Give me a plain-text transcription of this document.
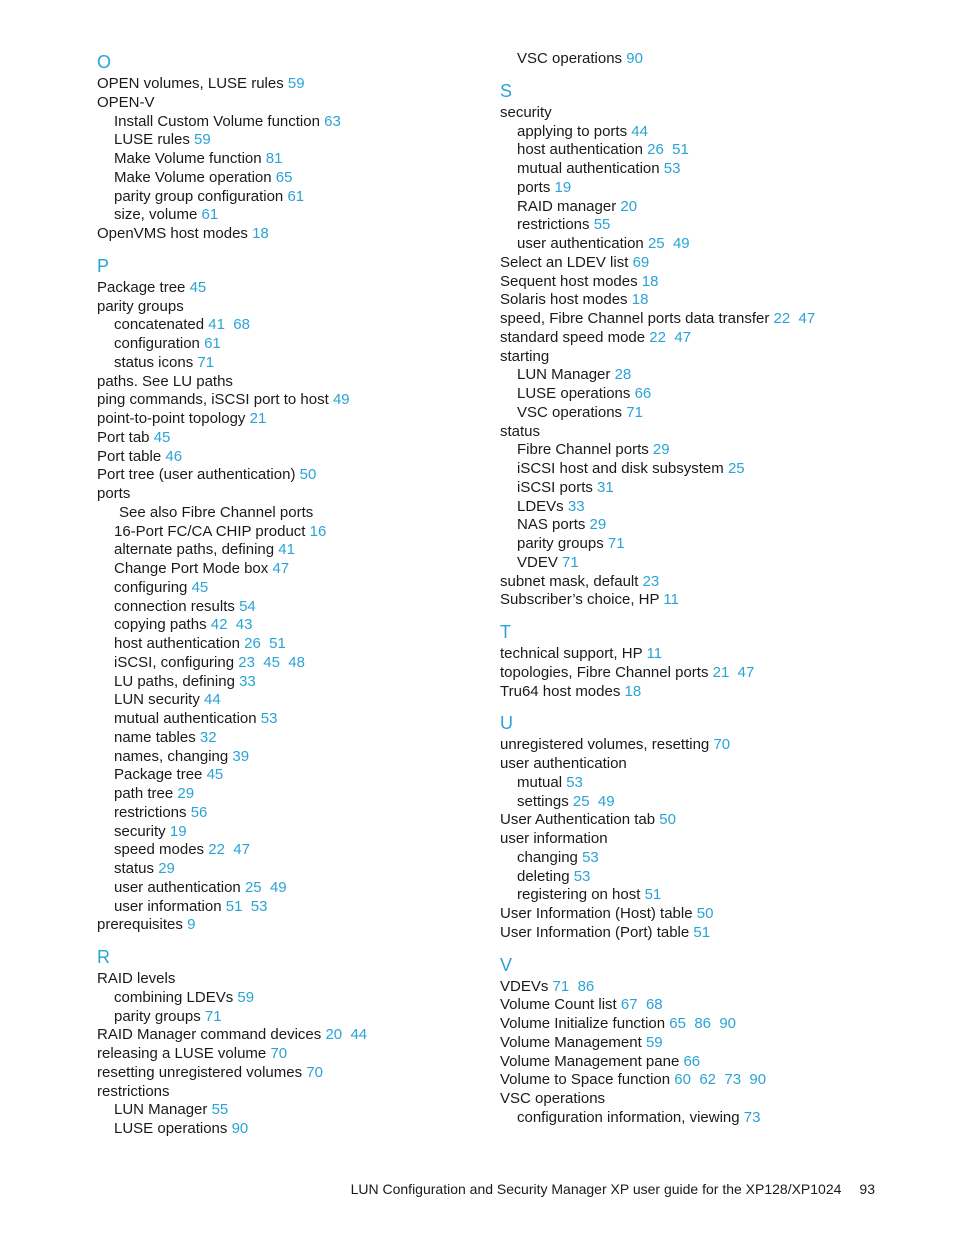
O
OPEN volumes, LUSE rules 59
OPEN-V
Install Custom Volume function 63
LUSE rules 59
Make Volume function 81
Make Volume operation 65
parity group configuration 61
size, volume 61
OpenVMS host modes 18
P
Package tree 45
parity groups
concatenated 41 68
configuration 61
status icons 71
paths. See LU paths
ping commands, iSCSI port to host 49
point-to-point topology 21
Port tab 45
Port table 46
Port tree (user authentication) 50
ports
See also Fibre Channel ports
16-Port FC/CA CHIP product 16
alternate paths, defining 41
Change Port Mode box 47
configuring 45
connection results 54
copying paths 42 43
host authentication 26 51
iSCSI, configuring 23 45 48
LU paths, defining 33
LUN security 44
mutual authentication 53
name tables 32
names, changing 39
Package tree 45
path tree 29
restrictions 56
security 19
speed modes 22 47
status 29
user authentication 25 49
user information 51 53
prerequisites 9
R
RAID levels
combining LDEVs 59
parity groups 71
RAID Manager command devices 20 44
releasing a LUSE volume 70
resetting unregistered volumes 70
restrictions
LUN Manager 55
LUSE operations 90
VSC operations 90
S
security
applying to ports 44
host authentication 26 51
mutual authentication 53
ports 19
RAID manager 20
restrictions 55
user authentication 25 49
Select an LDEV list 69
Sequent host modes 18
Solaris host modes 18
speed, Fibre Channel ports data transfer 22 47
standard speed mode 22 47
starting
LUN Manager 28
LUSE operations 66
VSC operations 71
status
Fibre Channel ports 29
iSCSI host and disk subsystem 25
iSCSI ports 31
LDEVs 33
NAS ports 29
parity groups 71
VDEV 71
subnet mask, default 23
Subscriber’s choice, HP 11
T
technical support, HP 11
topologies, Fibre Channel ports 21 47
Tru64 host modes 18
U
unregistered volumes, resetting 70
user authentication
mutual 53
settings 25 49
User Authentication tab 50
user information
changing 53
deleting 53
registering on host 51
User Information (Host) table 50
User Information (Port) table 51
V
VDEVs 71 86
Volume Count list 67 68
Volume Initialize function 65 86 90
Volume Management 59
Volume Management pane 66
Volume to Space function 60 62 73 90
VSC operations
configuration information, viewing 73
LUN Configuration and Security Manager XP user guide for the XP128/XP1024 93
